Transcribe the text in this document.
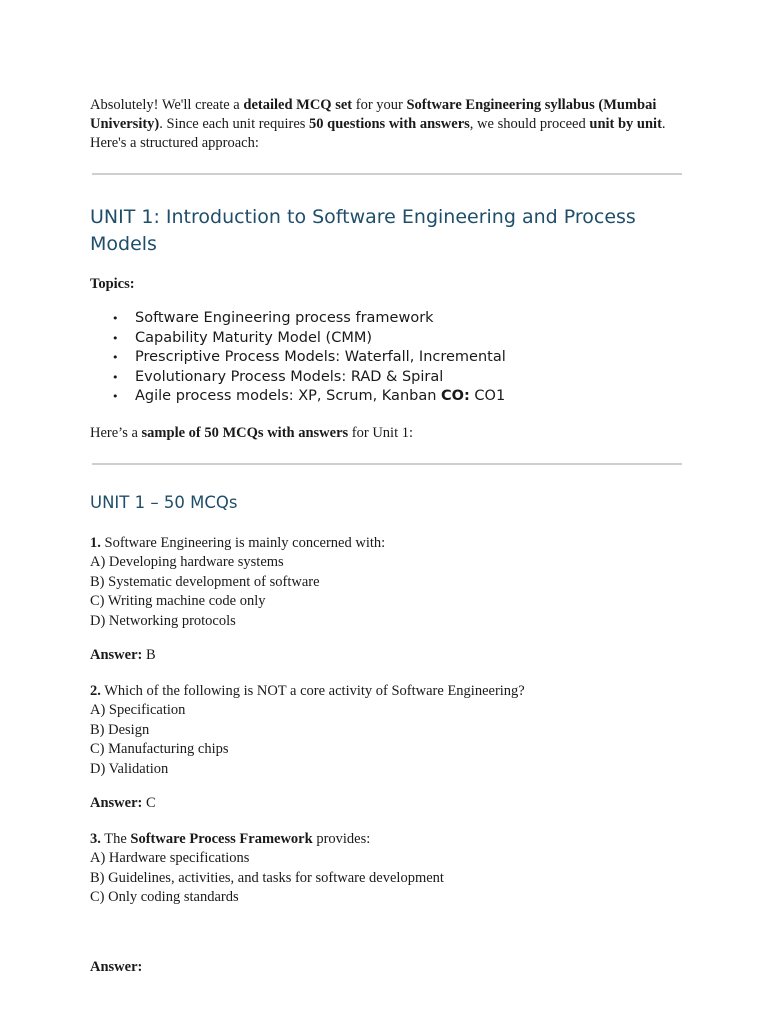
Absolutely! We'll create a detailed MCQ set for your Software Engineering syllabus (Mumbai University). Since each unit requires 50 questions with answers, we should proceed unit by unit. Here's a structured approach:

UNIT 1: Introduction to Software Engineering and Process Models

Topics:

• Software Engineering process framework
• Capability Maturity Model (CMM)
• Prescriptive Process Models: Waterfall, Incremental
• Evolutionary Process Models: RAD & Spiral
• Agile process models: XP, Scrum, Kanban CO: CO1

Here’s a sample of 50 MCQs with answers for Unit 1:

UNIT 1 – 50 MCQs
1. Software Engineering is mainly concerned with:
A) Developing hardware systems
B) Systematic development of software
C) Writing machine code only
D) Networking protocols

Answer: B

2. Which of the following is NOT a core activity of Software Engineering?
A) Specification
B) Design
C) Manufacturing chips
D) Validation

Answer: C

3. The Software Process Framework provides:
A) Hardware specifications
B) Guidelines, activities, and tasks for software development
C) Only coding standards

Answer:
